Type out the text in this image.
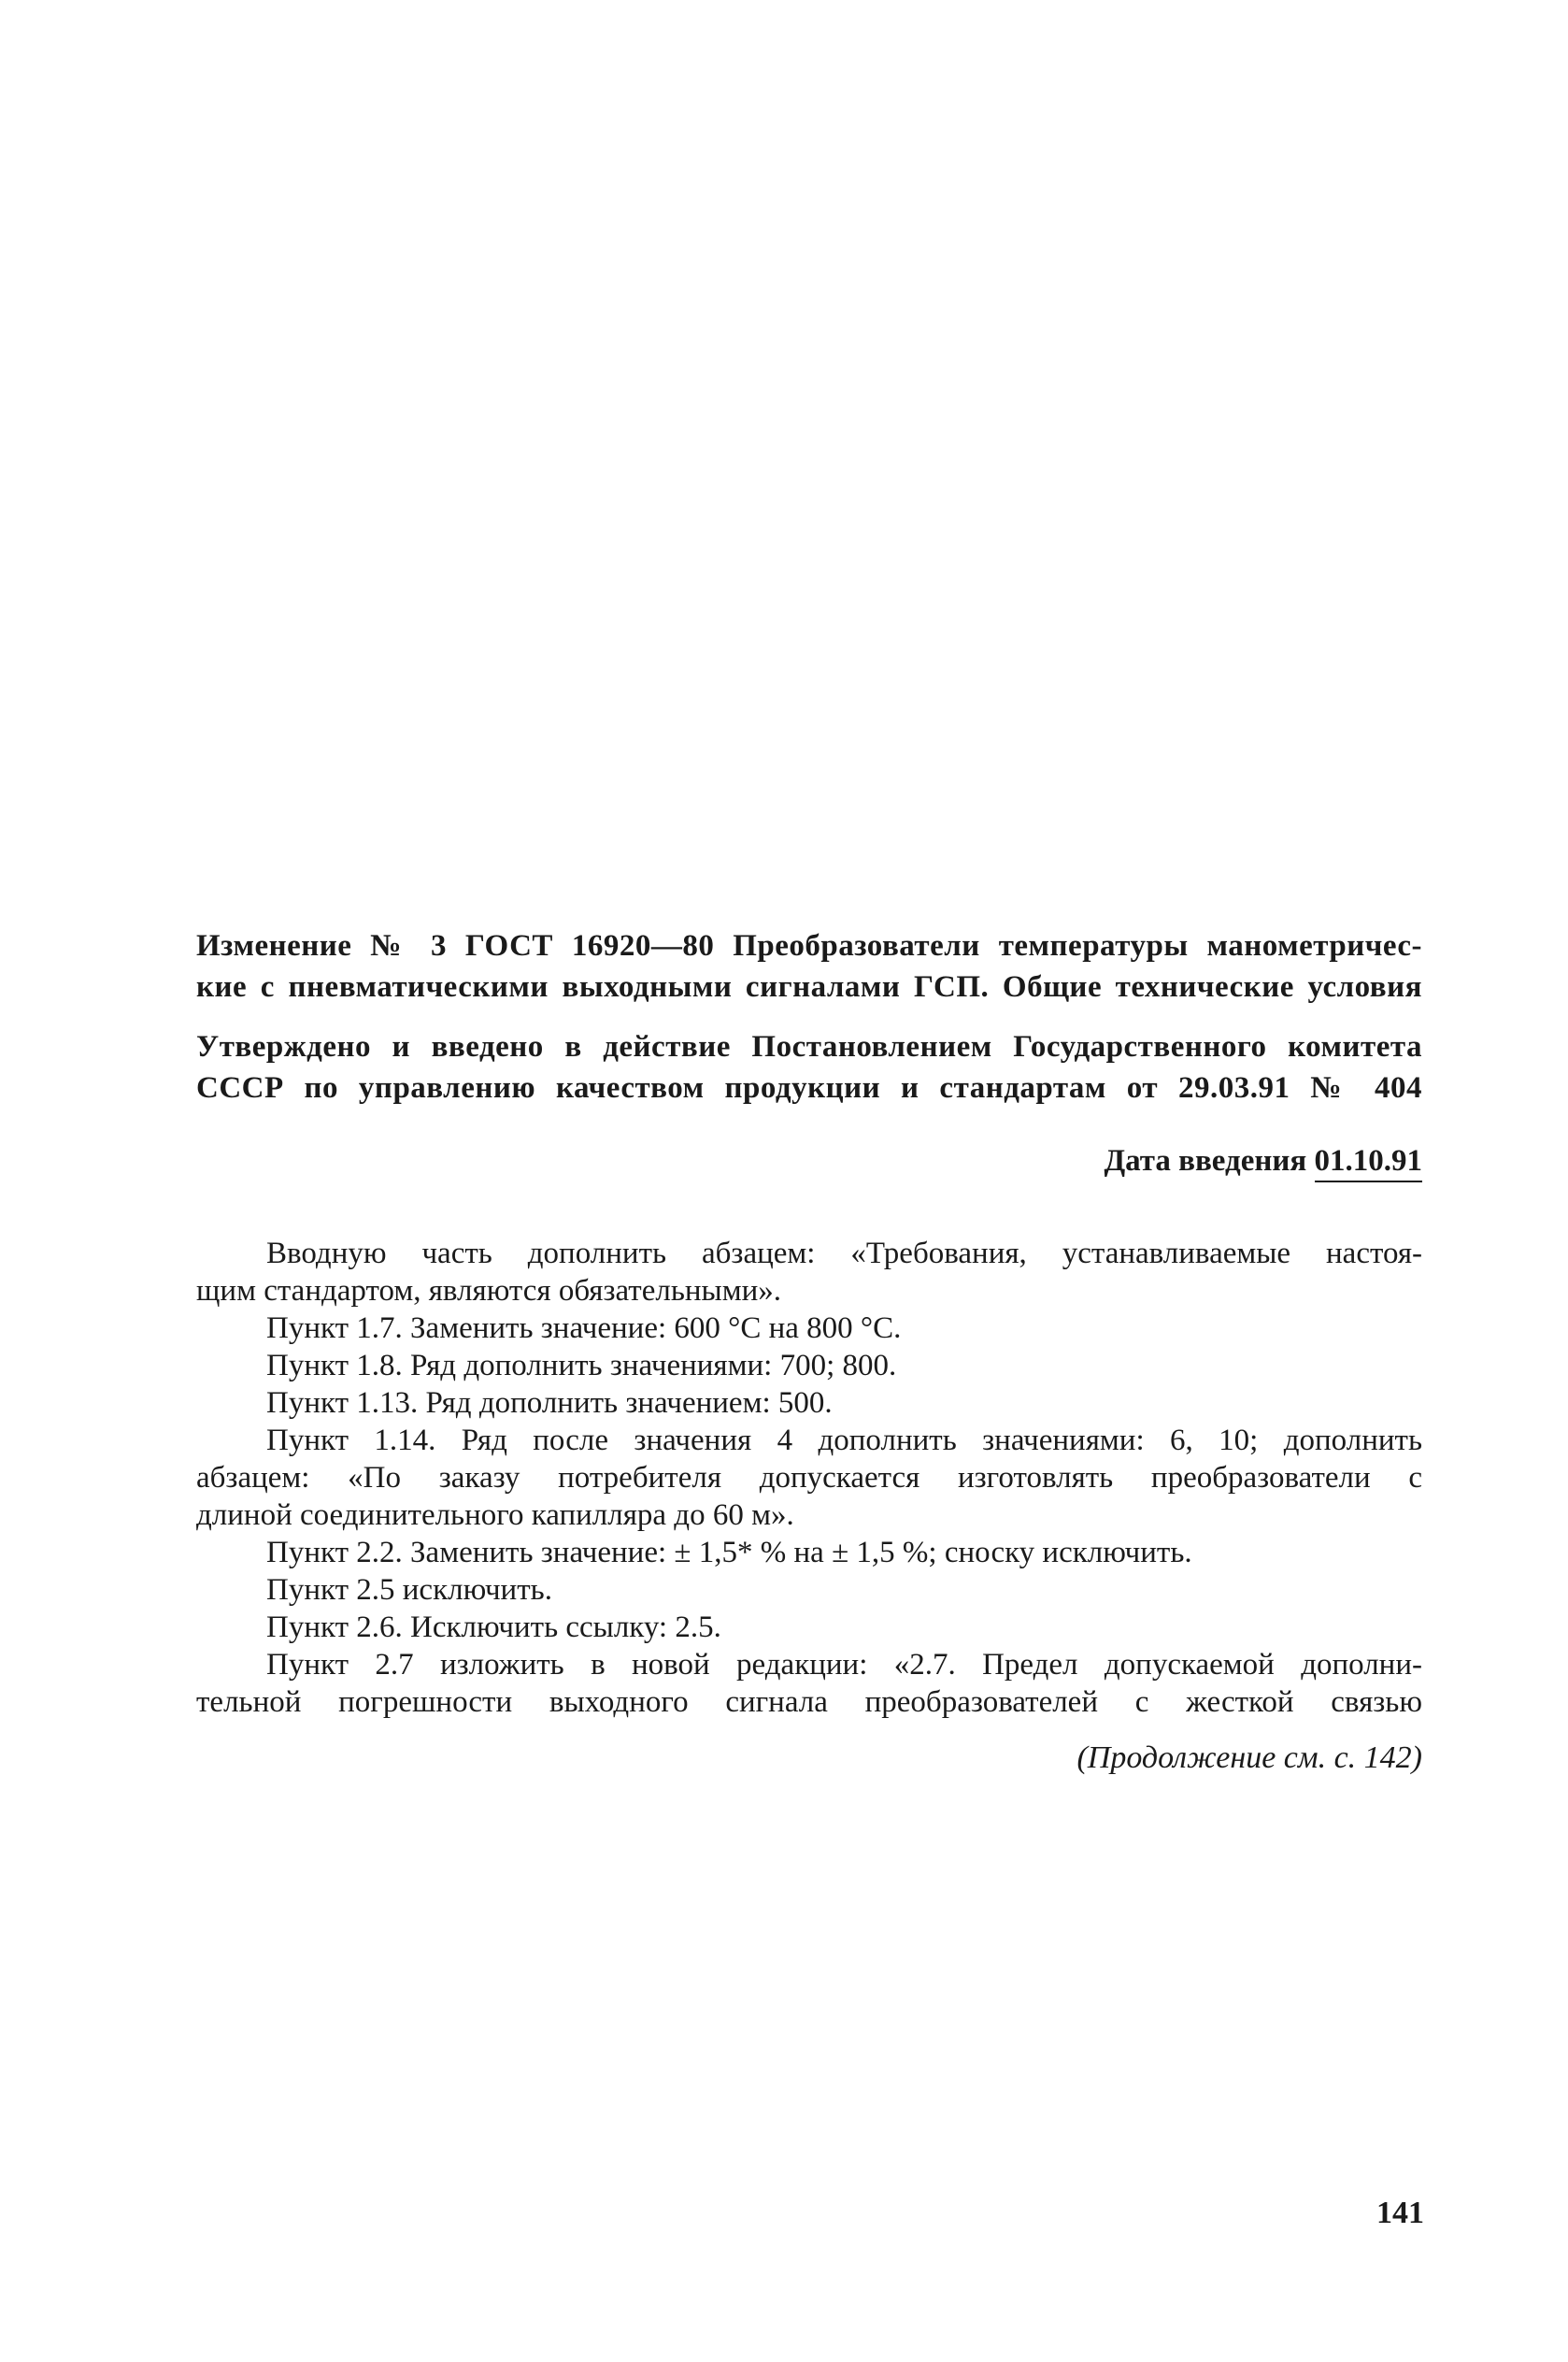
Изменение № 3 ГОСТ 16920—80 Преобразователи температуры манометричес-
кие с пневматическими выходными сигналами ГСП. Общие технические условия
Утверждено и введено в действие Постановлением Государственного комитета
СССР по управлению качеством продукции и стандартам от 29.03.91 № 404
Дата введения 01.10.91
Вводную часть дополнить абзацем: «Требования, устанавливаемые настоя-
щим стандартом, являются обязательными».
Пункт 1.7. Заменить значение: 600 °С на 800 °С.
Пункт 1.8. Ряд дополнить значениями: 700; 800.
Пункт 1.13. Ряд дополнить значением: 500.
Пункт 1.14. Ряд после значения 4 дополнить значениями: 6, 10; дополнить
абзацем: «По заказу потребителя допускается изготовлять преобразователи с
длиной соединительного капилляра до 60 м».
Пункт 2.2. Заменить значение: ± 1,5* % на ± 1,5 %; сноску исключить.
Пункт 2.5 исключить.
Пункт 2.6. Исключить ссылку: 2.5.
Пункт 2.7 изложить в новой редакции: «2.7. Предел допускаемой дополни-
тельной погрешности выходного сигнала преобразователей с жесткой связью
(Продолжение см. с. 142)
141
